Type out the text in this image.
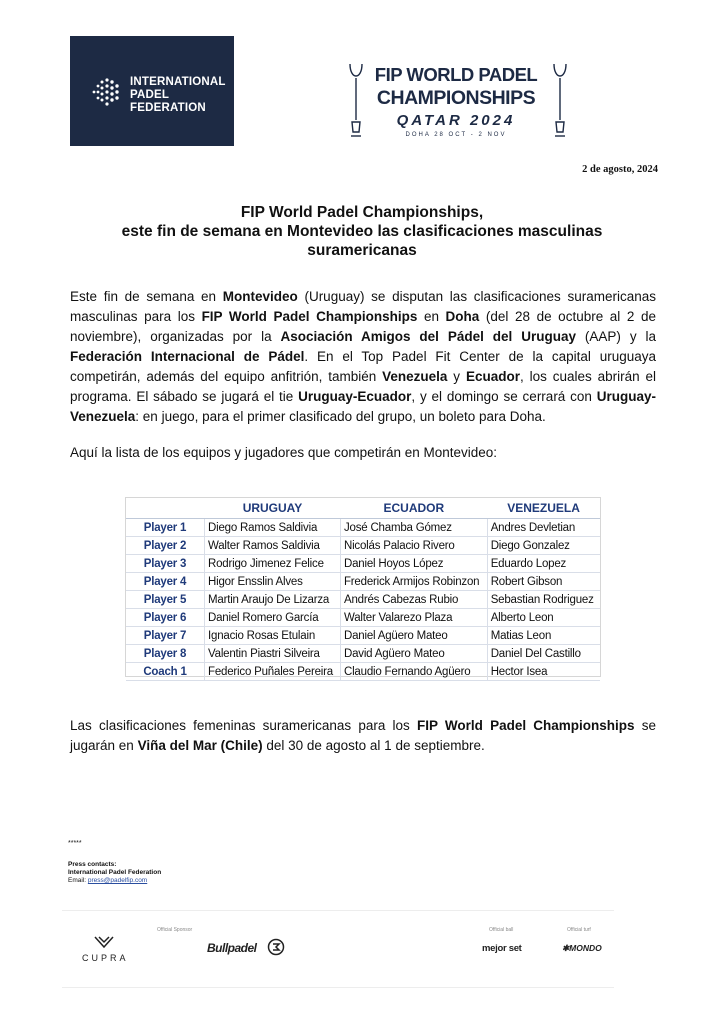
INTERNATIONAL
PADEL
FEDERATION
FIP WORLD PADEL
CHAMPIONSHIPS
QATAR 2024
DOHA 28 OCT - 2 NOV
2 de agosto, 2024
FIP World Padel Championships,
este fin de semana en Montevideo las clasificaciones masculinas
suramericanas
Este fin de semana en Montevideo (Uruguay) se disputan las clasificaciones suramericanas masculinas para los FIP World Padel Championships en Doha (del 28 de octubre al 2 de noviembre), organizadas por la Asociación Amigos del Pádel del Uruguay (AAP) y la Federación Internacional de Pádel. En el Top Padel Fit Center de la capital uruguaya competirán, además del equipo anfitrión, también Venezuela y Ecuador, los cuales abrirán el programa. El sábado se jugará el tie Uruguay-Ecuador, y el domingo se cerrará con Uruguay-Venezuela: en juego, para el primer clasificado del grupo, un boleto para Doha.
Aquí la lista de los equipos y jugadores que competirán en Montevideo:
	URUGUAY	ECUADOR	VENEZUELA
Player 1	Diego Ramos Saldivia	José Chamba Gómez	Andres Devletian
Player 2	Walter Ramos Saldivia	Nicolás Palacio Rivero	Diego Gonzalez
Player 3	Rodrigo Jimenez Felice	Daniel Hoyos López	Eduardo Lopez
Player 4	Higor Ensslin Alves	Frederick Armijos Robinzon	Robert Gibson
Player 5	Martin Araujo De Lizarza	Andrés Cabezas Rubio	Sebastian Rodriguez
Player 6	Daniel Romero García	Walter Valarezo Plaza	Alberto Leon
Player 7	Ignacio Rosas Etulain	Daniel Agüero Mateo	Matias Leon
Player 8	Valentin Piastri Silveira	David Agüero Mateo	Daniel Del Castillo
Coach 1	Federico Puñales Pereira	Claudio Fernando Agüero	Hector Isea
Las clasificaciones femeninas suramericanas para los FIP World Padel Championships se jugarán en Viña del Mar (Chile) del 30 de agosto al 1 de septiembre.
*****
Press contacts:
International Padel Federation
Email: press@padelfip.com
Official Sponsor	Official ball	Official turf
CUPRA
Bullpadel	mejor set	✱MONDO
